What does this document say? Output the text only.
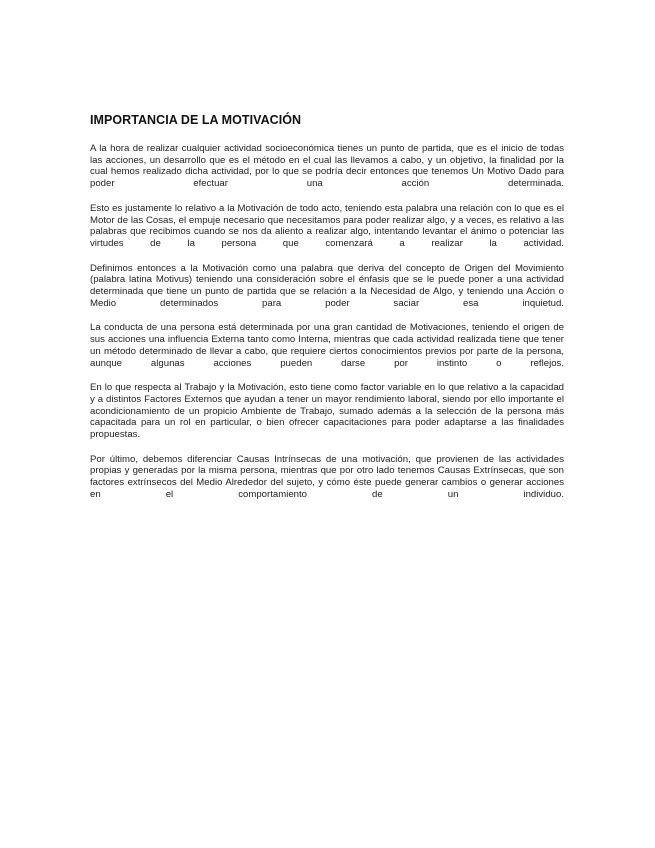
IMPORTANCIA DE LA MOTIVACIÓN

A la hora de realizar cualquier actividad socioeconómica tienes un punto de partida, que es el inicio de todas las acciones, un desarrollo que es el método en el cual las llevamos a cabo, y un objetivo, la finalidad por la cual hemos realizado dicha actividad, por lo que se podría decir entonces que tenemos Un Motivo Dado para poder efectuar una acción determinada.

Esto es justamente lo relativo a la Motivación de todo acto, teniendo esta palabra una relación con lo que es el Motor de las Cosas, el empuje necesario que necesitamos para poder realizar algo, y a veces, es relativo a las palabras que recibimos cuando se nos da aliento a realizar algo, intentando levantar el ánimo o potenciar las virtudes de la persona que comenzará a realizar la actividad.

Definimos entonces a la Motivación como una palabra que deriva del concepto de Origen del Movimiento (palabra latina Motivus) teniendo una consideración sobre el énfasis que se le puede poner a una actividad determinada que tiene un punto de partida que se relación a la Necesidad de Algo, y teniendo una Acción o Medio determinados para poder saciar esa inquietud.

La conducta de una persona está determinada por una gran cantidad de Motivaciones, teniendo el origen de sus acciones una influencia Externa tanto como Interna, mientras que cada actividad realizada tiene que tener un método determinado de llevar a cabo, que requiere ciertos conocimientos previos por parte de la persona, aunque algunas acciones pueden darse por instinto o reflejos.

En lo que respecta al Trabajo y la Motivación, esto tiene como factor variable en lo que relativo a la capacidad y a distintos Factores Externos que ayudan a tener un mayor rendimiento laboral, siendo por ello importante el acondicionamiento de un propicio Ambiente de Trabajo, sumado además a la selección de la persona más capacitada para un rol en particular, o bien ofrecer capacitaciones para poder adaptarse a las finalidades propuestas.

Por último, debemos diferenciar Causas Intrínsecas de una motivación, que provienen de las actividades propias y generadas por la misma persona, mientras que por otro lado tenemos Causas Extrínsecas, que son factores extrínsecos del Medio Alrededor del sujeto, y cómo éste puede generar cambios o generar acciones en el comportamiento de un individuo.
